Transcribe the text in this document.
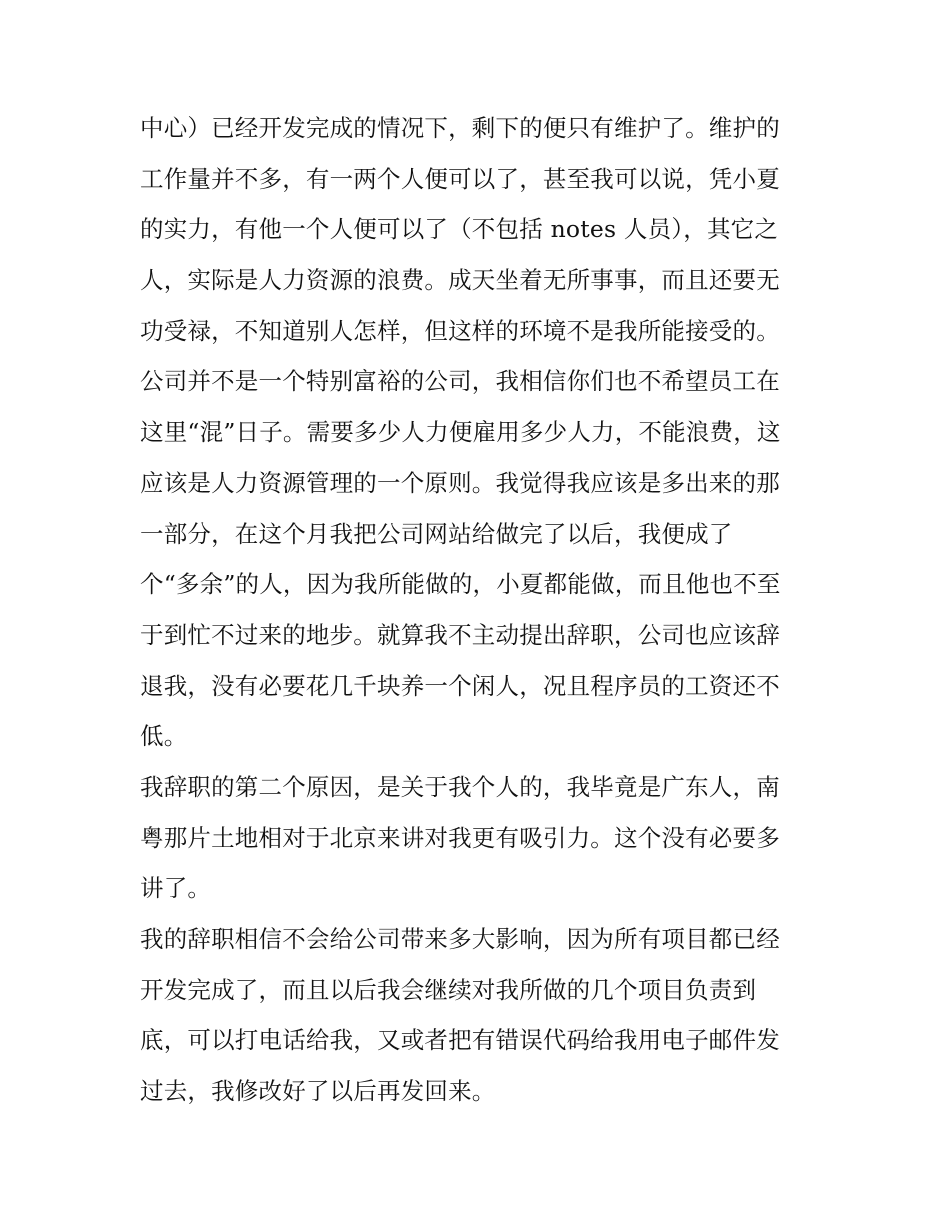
中心）已经开发完成的情况下，剩下的便只有维护了。维护的
工作量并不多，有一两个人便可以了，甚至我可以说，凭小夏
的实力，有他一个人便可以了（不包括 notes 人员），其它之
人，实际是人力资源的浪费。成天坐着无所事事，而且还要无
功受禄，不知道别人怎样，但这样的环境不是我所能接受的。
公司并不是一个特别富裕的公司，我相信你们也不希望员工在
这里“混”日子。需要多少人力便雇用多少人力，不能浪费，这
应该是人力资源管理的一个原则。我觉得我应该是多出来的那
一部分，在这个月我把公司网站给做完了以后，我便成了
个“多余”的人，因为我所能做的，小夏都能做，而且他也不至
于到忙不过来的地步。就算我不主动提出辞职，公司也应该辞
退我，没有必要花几千块养一个闲人，况且程序员的工资还不
低。
我辞职的第二个原因，是关于我个人的，我毕竟是广东人，南
粤那片土地相对于北京来讲对我更有吸引力。这个没有必要多
讲了。
我的辞职相信不会给公司带来多大影响，因为所有项目都已经
开发完成了，而且以后我会继续对我所做的几个项目负责到
底，可以打电话给我，又或者把有错误代码给我用电子邮件发
过去，我修改好了以后再发回来。
